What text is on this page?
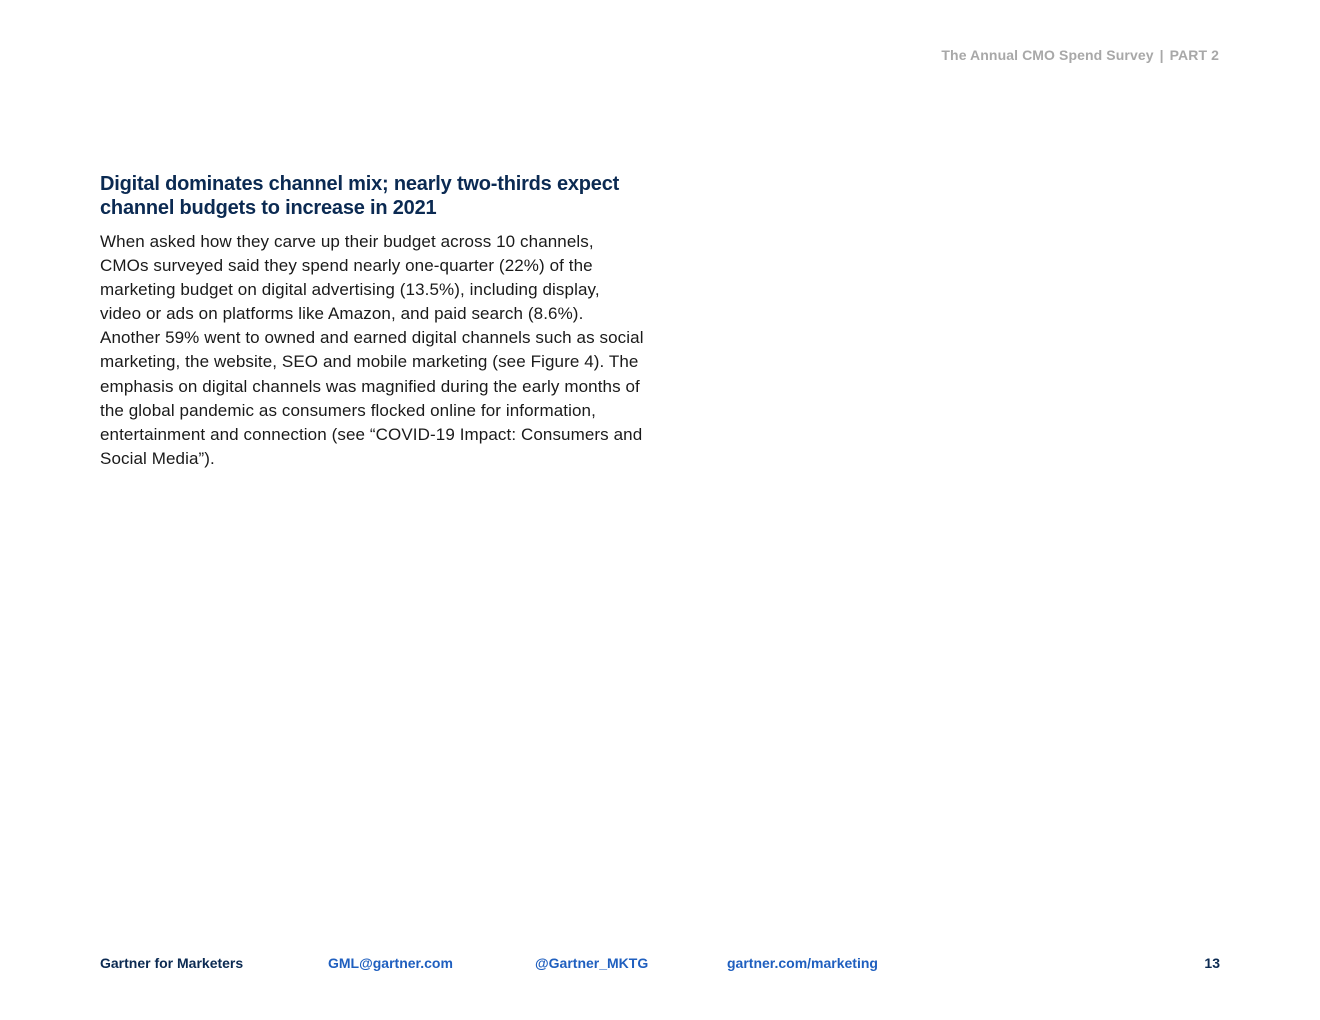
The Annual CMO Spend Survey | PART 2
Digital dominates channel mix; nearly two-thirds expect channel budgets to increase in 2021

When asked how they carve up their budget across 10 channels, CMOs surveyed said they spend nearly one-quarter (22%) of the marketing budget on digital advertising (13.5%), including display, video or ads on platforms like Amazon, and paid search (8.6%). Another 59% went to owned and earned digital channels such as social marketing, the website, SEO and mobile marketing (see Figure 4). The emphasis on digital channels was magnified during the early months of the global pandemic as consumers flocked online for information, entertainment and connection (see “COVID-19 Impact: Consumers and Social Media”).

Gartner for Marketers	GML@gartner.com	@Gartner_MKTG	gartner.com/marketing	13
